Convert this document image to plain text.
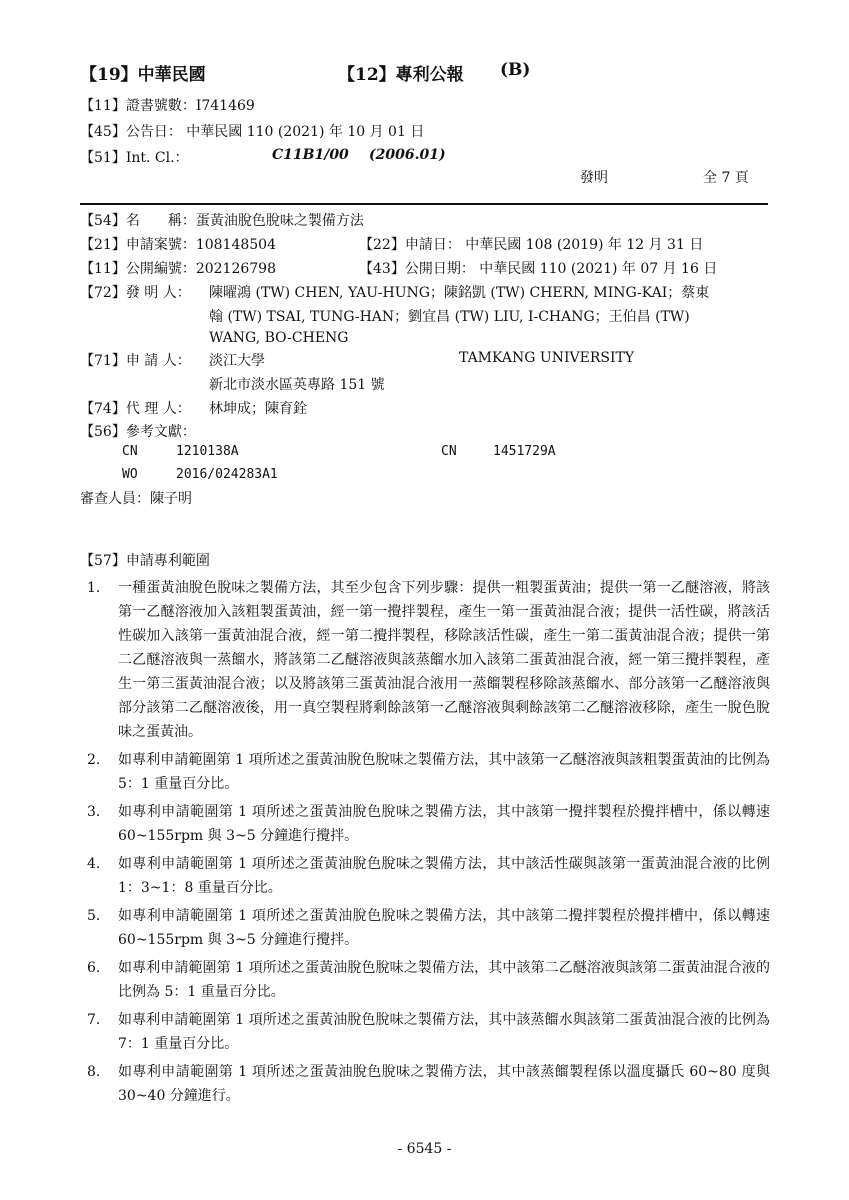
【19】中華民國	【12】專利公報 (B)
【11】證書號數：I741469
【45】公告日： 中華民國 110 (2021) 年 10 月 01 日
【51】Int. Cl.：	C11B1/00 (2006.01)
發明	全 7 頁
【54】名　　稱：蛋黃油脫色脫味之製備方法
【21】申請案號：108148504	【22】申請日： 中華民國 108 (2019) 年 12 月 31 日
【11】公開編號：202126798	【43】公開日期： 中華民國 110 (2021) 年 07 月 16 日
【72】發 明 人： 陳曜鴻 (TW) CHEN, YAU-HUNG；陳銘凱 (TW) CHERN, MING-KAI；蔡東
翰 (TW) TSAI, TUNG-HAN；劉宜昌 (TW) LIU, I-CHANG；王伯昌 (TW)
WANG, BO-CHENG
【71】申 請 人： 淡江大學	TAMKANG UNIVERSITY
新北市淡水區英專路 151 號
【74】代 理 人： 林坤成；陳育銓
【56】參考文獻：
CN	1210138A	CN	1451729A
WO	2016/024283A1
審查人員：陳子明
【57】申請專利範圍
1.	一種蛋黃油脫色脫味之製備方法，其至少包含下列步驟：提供一粗製蛋黃油；提供一第一乙醚溶液，將該第一乙醚溶液加入該粗製蛋黃油，經一第一攪拌製程，產生一第一蛋黃油混合液；提供一活性碳，將該活性碳加入該第一蛋黃油混合液，經一第二攪拌製程，移除該活性碳，產生一第二蛋黃油混合液；提供一第二乙醚溶液與一蒸餾水，將該第二乙醚溶液與該蒸餾水加入該第二蛋黃油混合液，經一第三攪拌製程，產生一第三蛋黃油混合液；以及將該第三蛋黃油混合液用一蒸餾製程移除該蒸餾水、部分該第一乙醚溶液與部分該第二乙醚溶液後，用一真空製程將剩餘該第一乙醚溶液與剩餘該第二乙醚溶液移除，產生一脫色脫味之蛋黃油。
2.	如專利申請範圍第 1 項所述之蛋黃油脫色脫味之製備方法，其中該第一乙醚溶液與該粗製蛋黃油的比例為 5：1 重量百分比。
3.	如專利申請範圍第 1 項所述之蛋黃油脫色脫味之製備方法，其中該第一攪拌製程於攪拌槽中，係以轉速 60~155rpm 與 3~5 分鐘進行攪拌。
4.	如專利申請範圍第 1 項所述之蛋黃油脫色脫味之製備方法，其中該活性碳與該第一蛋黃油混合液的比例 1：3~1：8 重量百分比。
5.	如專利申請範圍第 1 項所述之蛋黃油脫色脫味之製備方法，其中該第二攪拌製程於攪拌槽中，係以轉速 60~155rpm 與 3~5 分鐘進行攪拌。
6.	如專利申請範圍第 1 項所述之蛋黃油脫色脫味之製備方法，其中該第二乙醚溶液與該第二蛋黃油混合液的比例為 5：1 重量百分比。
7.	如專利申請範圍第 1 項所述之蛋黃油脫色脫味之製備方法，其中該蒸餾水與該第二蛋黃油混合液的比例為 7：1 重量百分比。
8.	如專利申請範圍第 1 項所述之蛋黃油脫色脫味之製備方法，其中該蒸餾製程係以溫度攝氏 60~80 度與 30~40 分鐘進行。
- 6545 -
